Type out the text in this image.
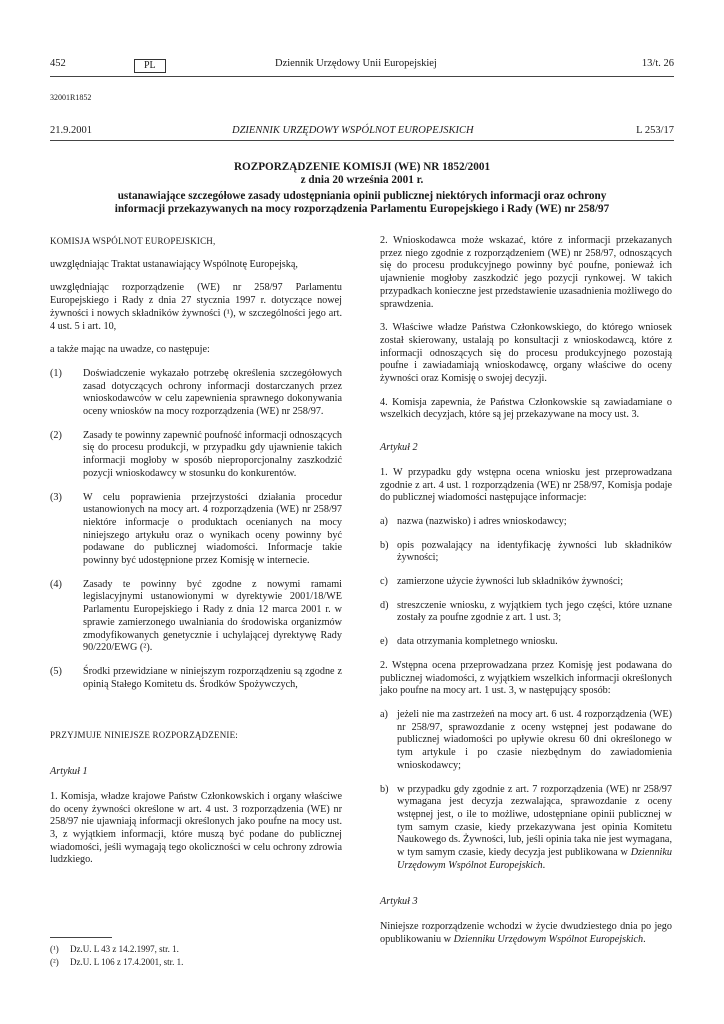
452	PL	Dziennik Urzędowy Unii Europejskiej	13/t. 26
32001R1852
21.9.2001	DZIENNIK URZĘDOWY WSPÓLNOT EUROPEJSKICH	L 253/17
ROZPORZĄDZENIE KOMISJI (WE) NR 1852/2001
z dnia 20 września 2001 r.
ustanawiające szczegółowe zasady udostępniania opinii publicznej niektórych informacji oraz ochrony
informacji przekazywanych na mocy rozporządzenia Parlamentu Europejskiego i Rady (WE) nr 258/97

KOMISJA WSPÓLNOT EUROPEJSKICH,

uwzględniając Traktat ustanawiający Wspólnotę Europejską,

uwzględniając rozporządzenie (WE) nr 258/97 Parlamentu Europejskiego i Rady z dnia 27 stycznia 1997 r. dotyczące nowej żywności i nowych składników żywności (¹), w szczególności jego art. 4 ust. 5 i art. 10,

a także mając na uwadze, co następuje:

(1)	Doświadczenie wykazało potrzebę określenia szczegółowych zasad dotyczących ochrony informacji dostarczanych przez wnioskodawców w celu zapewnienia sprawnego dokonywania oceny wniosków na mocy rozporządzenia (WE) nr 258/97.
(2)	Zasady te powinny zapewnić poufność informacji odnoszących się do procesu produkcji, w przypadku gdy ujawnienie takich informacji mogłoby w sposób nieproporcjonalny zaszkodzić pozycji wnioskodawcy w stosunku do konkurentów.
(3)	W celu poprawienia przejrzystości działania procedur ustanowionych na mocy art. 4 rozporządzenia (WE) nr 258/97 niektóre informacje o produktach ocenianych na mocy niniejszego artykułu oraz o wynikach oceny powinny być podawane do publicznej wiadomości. Informacje takie powinny być udostępnione przez Komisję w internecie.
(4)	Zasady te powinny być zgodne z nowymi ramami legislacyjnymi ustanowionymi w dyrektywie 2001/18/WE Parlamentu Europejskiego i Rady z dnia 12 marca 2001 r. w sprawie zamierzonego uwalniania do środowiska organizmów zmodyfikowanych genetycznie i uchylającej dyrektywę Rady 90/220/EWG (²).
(5)	Środki przewidziane w niniejszym rozporządzeniu są zgodne z opinią Stałego Komitetu ds. Środków Spożywczych,

PRZYJMUJE NINIEJSZE ROZPORZĄDZENIE:

Artykuł 1

1. Komisja, władze krajowe Państw Członkowskich i organy właściwe do oceny żywności określone w art. 4 ust. 3 rozporządzenia (WE) nr 258/97 nie ujawniają informacji określonych jako poufne na mocy ust. 3, z wyjątkiem informacji, które muszą być podane do publicznej wiadomości, jeśli wymagają tego okoliczności w celu ochrony zdrowia ludzkiego.

(¹)	Dz.U. L 43 z 14.2.1997, str. 1.
(²)	Dz.U. L 106 z 17.4.2001, str. 1.

2. Wnioskodawca może wskazać, które z informacji przekazanych przez niego zgodnie z rozporządzeniem (WE) nr 258/97, odnoszących się do procesu produkcyjnego powinny być poufne, ponieważ ich ujawnienie mogłoby zaszkodzić jego pozycji rynkowej. W takich przypadkach konieczne jest przedstawienie uzasadnienia możliwego do sprawdzenia.

3. Właściwe władze Państwa Członkowskiego, do którego wniosek został skierowany, ustalają po konsultacji z wnioskodawcą, które z informacji odnoszących się do procesu produkcyjnego pozostają poufne i zawiadamiają wnioskodawcę, organy właściwe do oceny żywności oraz Komisję o swojej decyzji.

4. Komisja zapewnia, że Państwa Członkowskie są zawiadamiane o wszelkich decyzjach, które są jej przekazywane na mocy ust. 3.

Artykuł 2

1. W przypadku gdy wstępna ocena wniosku jest przeprowadzana zgodnie z art. 4 ust. 1 rozporządzenia (WE) nr 258/97, Komisja podaje do publicznej wiadomości następujące informacje:

a) nazwa (nazwisko) i adres wnioskodawcy;
b) opis pozwalający na identyfikację żywności lub składników żywności;
c) zamierzone użycie żywności lub składników żywności;
d) streszczenie wniosku, z wyjątkiem tych jego części, które uznane zostały za poufne zgodnie z art. 1 ust. 3;
e) data otrzymania kompletnego wniosku.

2. Wstępna ocena przeprowadzana przez Komisję jest podawana do publicznej wiadomości, z wyjątkiem wszelkich informacji określonych jako poufne na mocy art. 1 ust. 3, w następujący sposób:

a) jeżeli nie ma zastrzeżeń na mocy art. 6 ust. 4 rozporządzenia (WE) nr 258/97, sprawozdanie z oceny wstępnej jest podawane do publicznej wiadomości po upływie okresu 60 dni określonego w tym artykule i po czasie niezbędnym do zawiadomienia wnioskodawcy;
b) w przypadku gdy zgodnie z art. 7 rozporządzenia (WE) nr 258/97 wymagana jest decyzja zezwalająca, sprawozdanie z oceny wstępnej jest, o ile to możliwe, udostępniane opinii publicznej w tym samym czasie, kiedy przekazywana jest opinia Komitetu Naukowego ds. Żywności, lub, jeśli opinia taka nie jest wymagana, w tym samym czasie, kiedy decyzja jest publikowana w Dzienniku Urzędowym Wspólnot Europejskich.

Artykuł 3

Niniejsze rozporządzenie wchodzi w życie dwudziestego dnia po jego opublikowaniu w Dzienniku Urzędowym Wspólnot Europejskich.
